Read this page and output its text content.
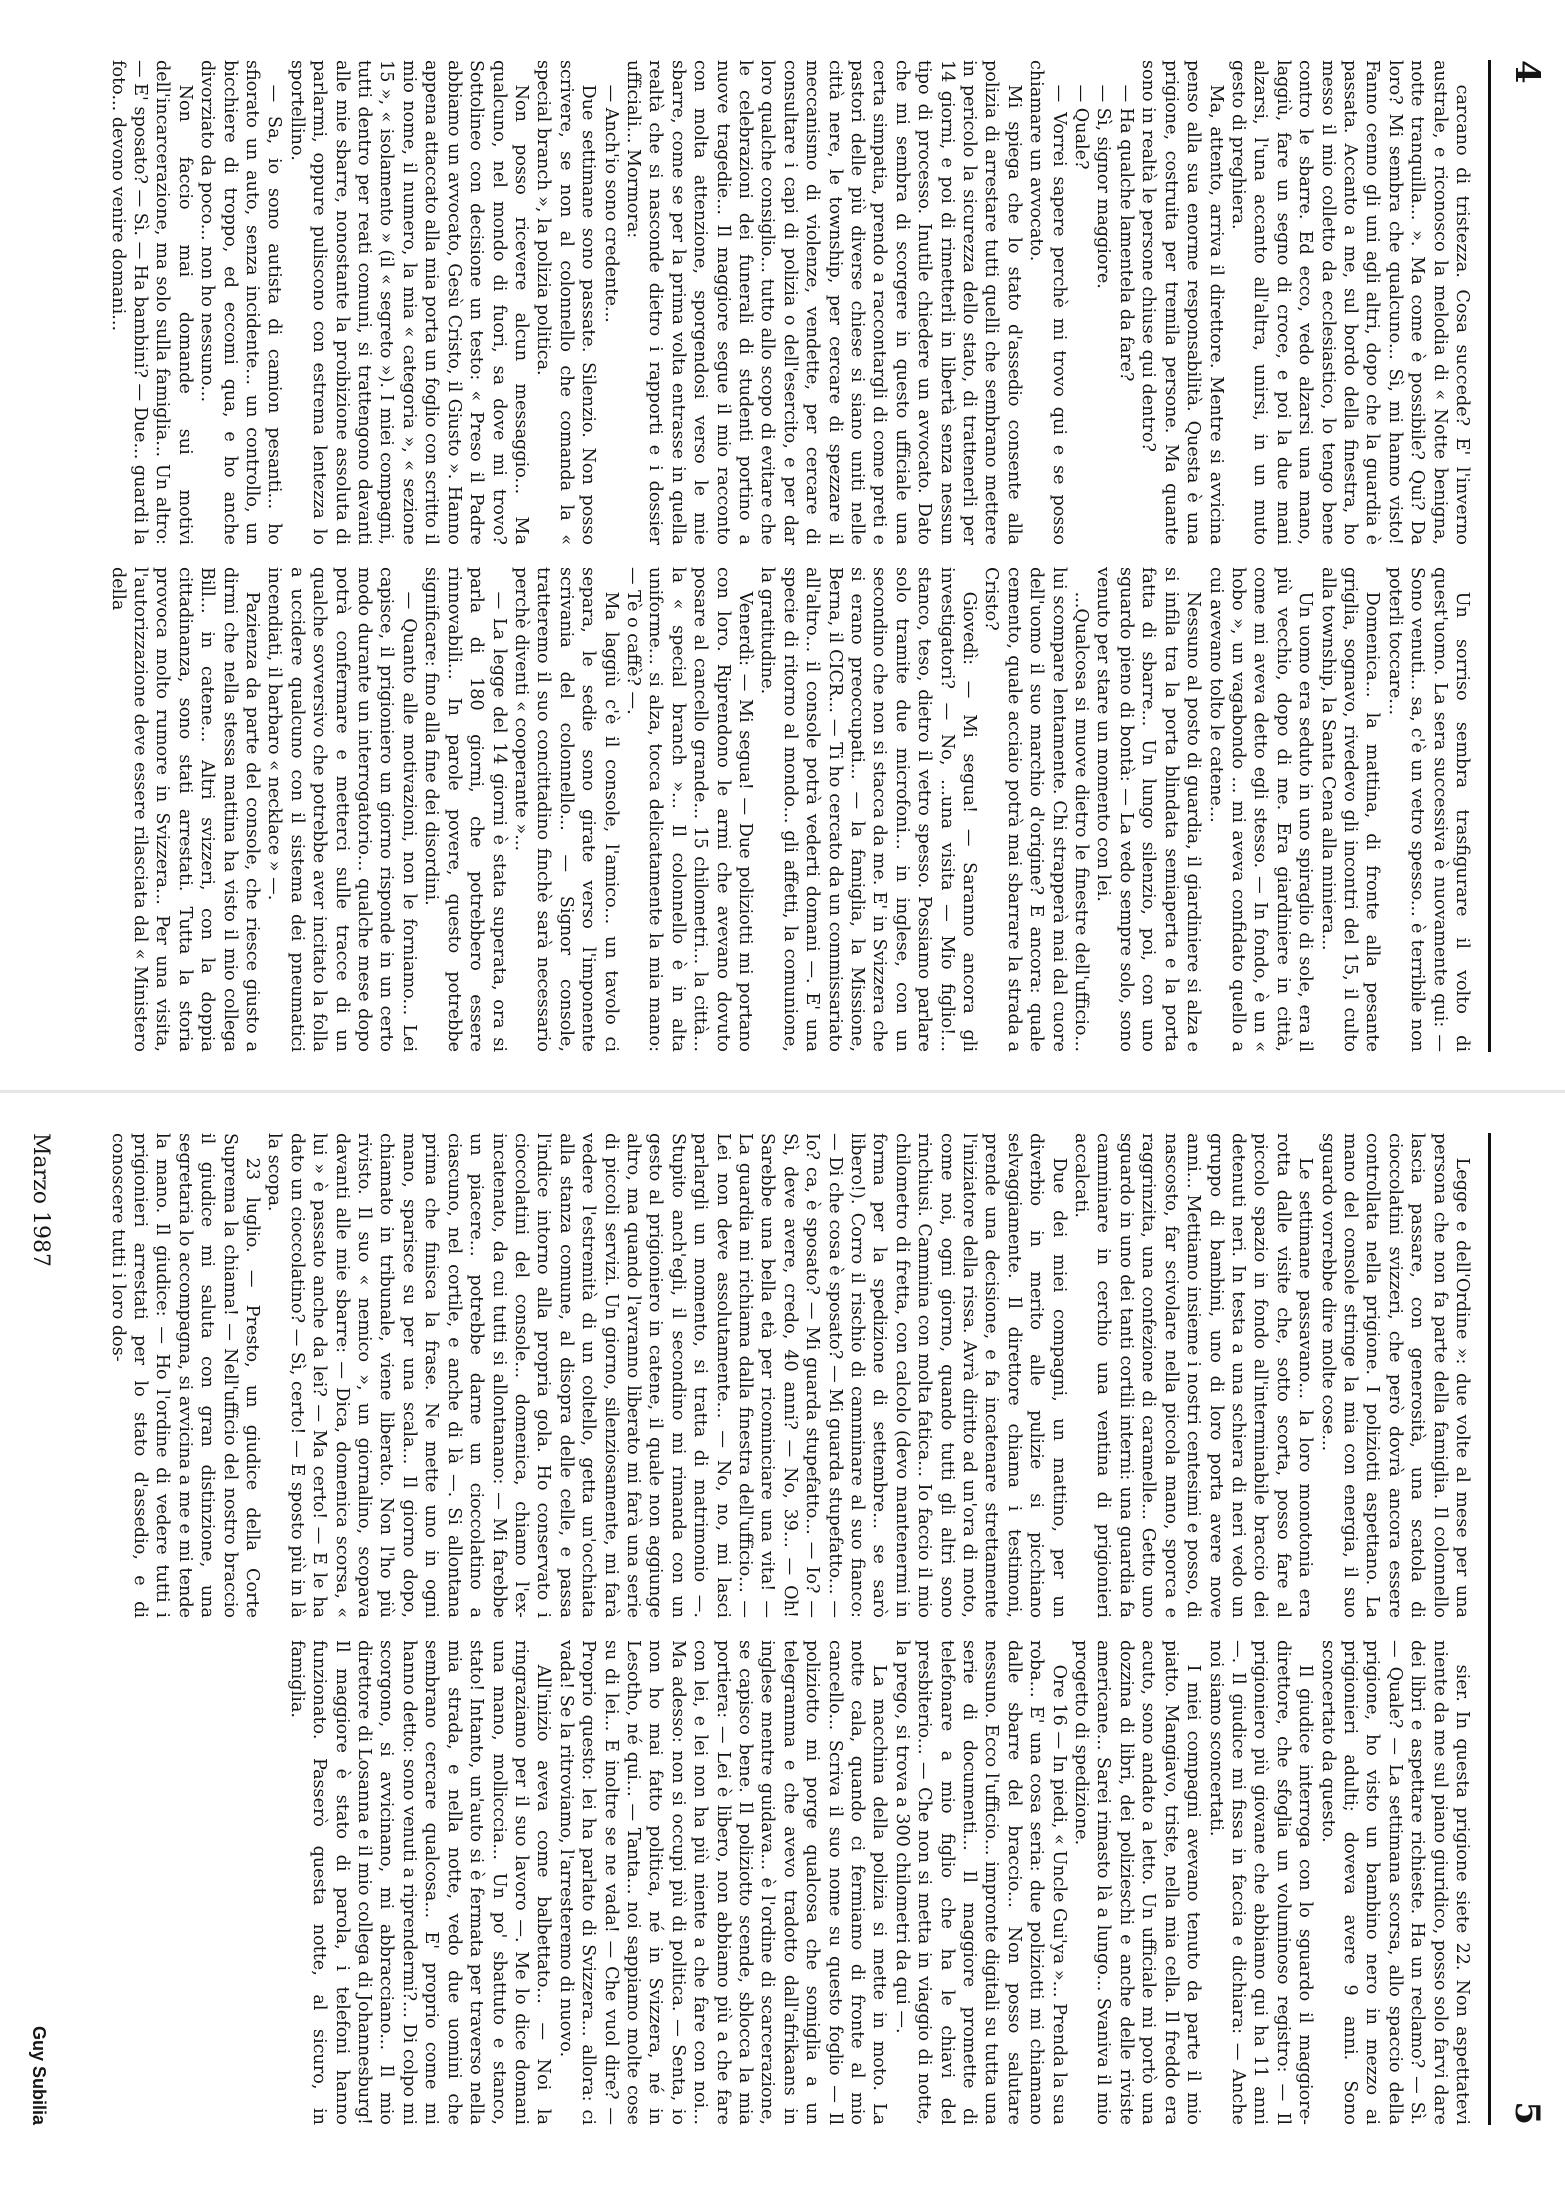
4

carcano di tristezza. Cosa succede? E' l'inverno australe, e riconosco la melodia di « Notte benigna, notte tranquilla... ». Ma come è possibile? Qui? Da loro? Mi sembra che qualcuno... Sì, mi hanno visto! Fanno cenno gli uni agli altri, dopo che la guardia è passata. Accanto a me, sul bordo della finestra, ho messo il mio colletto da ecclesiastico, lo tengo bene contro le sbarre. Ed ecco, vedo alzarsi una mano, laggiù, fare un segno di croce, e poi la due mani alzarsi, l'una accanto all'altra, unirsi, in un muto gesto di preghiera.

Ma, attento, arriva il direttore. Mentre si avvicina penso alla sua enorme responsabilità. Questa è una prigione, costruita per tremila persone. Ma quante sono in realtà le persone chiuse qui dentro?

— Ha qualche lamentela da fare?

— Sì, signor maggiore.

— Quale?

— Vorrei sapere perchè mi trovo qui e se posso chiamare un avvocato.

Mi spiega che lo stato d'assedio consente alla polizia di arrestare tutti quelli che sembrano mettere in pericolo la sicurezza dello stato, di trattenerli per 14 giorni, e poi di rimetterli in libertà senza nessun tipo di processo. Inutile chiedere un avvocato. Dato che mi sembra di scorgere in questo ufficiale una certa simpatia, prendo a raccontargli di come preti e pastori delle più diverse chiese si siano uniti nelle città nere, le township, per cercare di spezzare il meccanismo di violenze, vendette, per cercare di consultare i capi di polizia o dell'esercito, e per dar loro qualche consiglio... tutto allo scopo di evitare che le celebrazioni dei funerali di studenti portino a nuove tragedie... Il maggiore segue il mio racconto con molta attenzione, sporgendosi verso le mie sbarre, come se per la prima volta entrasse in quella realtà che si nasconde dietro i rapporti e i dossier ufficiali... Mormora:

— Anch'io sono credente...

Due settimane sono passate. Silenzio. Non posso scrivere, se non al colonnello che comanda la « special branch », la polizia politica.

Non posso ricevere alcun messaggio... Ma qualcuno, nel mondo di fuori, sa dove mi trovo? Sottolineo con decisione un testo: « Preso il Padre abbiamo un avvocato, Gesù Cristo, il Giusto ». Hanno appena attaccato alla mia porta un foglio con scritto il mio nome, il numero, la mia « categoria », « sezione 15 », « isolamento » (il « segreto »). I miei compagni, tutti dentro per reati comuni, si trattengono davanti alle mie sbarre, nonostante la proibizione assoluta di parlarmi, oppure puliscono con estrema lentezza lo sportellino.

— Sa, io sono autista di camion pesanti... ho sfiorato un auto, senza incidente... un controllo, un bicchiere di troppo, ed eccomi qua, e ho anche divorziato da poco... non ho nessuno...

Non faccio mai domande sui motivi dell'incarcerazione, ma solo sulla famiglia... Un altro: — E' sposato? — Sì. — Ha bambini? — Due... guardi la foto... devono venire domani...

Un sorriso sembra trasfigurare il volto di quest'uomo. La sera successiva è nuovamente qui: — Sono venuti... sa, c'è un vetro spesso... è terribile non poterli toccare...

Domenica... la mattina, di fronte alla pesante griglia, sognavo, rivedevo gli incontri del 15, il culto alla township, la Santa Cena alla miniera...

Un uomo era seduto in uno spiraglio di sole, era il più vecchio, dopo di me. Era giardiniere in città, come mi aveva detto egli stesso. — In fondo, è un « hobo », un vagabondo ... mi aveva confidato quello a cui avevano tolto le catene...

Nessuno al posto di guardia, il giardiniere si alza e si infila tra la porta blindata semiaperta e la porta fatta di sbarre... Un lungo silenzio, poi, con uno sguardo pieno di bontà: — La vedo sempre solo, sono venuto per stare un momento con lei.

...Qualcosa si muove dietro le finestre dell'ufficio... lui scompare lentamente. Chi strapperà mai dal cuore dell'uomo il suo marchio d'origine? E ancora: quale cemento, quale acciaio potrà mai sbarrare la strada a Cristo?

Giovedì: — Mi segua! — Saranno ancora gli investigatori? — No, ...una visita — Mio figlio!... stanco, teso, dietro il vetro spesso. Possiamo parlare solo tramite due microfoni... in inglese, con un secondino che non si stacca da me. E' in Svizzera che si erano preoccupati... — la famiglia, la Missione, Berna, il CICR... — Ti ho cercato da un commissariato all'altro... il console potrà vederti domani —. E' una specie di ritorno al mondo... gli affetti, la comunione, la gratitudine.

Venerdì: — Mi segua! — Due poliziotti mi portano con loro. Riprendono le armi che avevano dovuto posare al cancello grande... 15 chilometri... la città... la « special branch »... Il colonnello è in alta uniforme... si alza, tocca delicatamente la mia mano: — Tè o caffè? —.

Ma laggiù c'è il console, l'amico... un tavolo ci separa, le sedie sono girate verso l'imponente scrivania del colonnello... — Signor console, tratteremo il suo concittadino finchè sarà necessario perchè diventi « cooperante »...

— La legge del 14 giorni è stata superata, ora si parla di 180 giorni, che potrebbero essere rinnovabili... In parole povere, questo potrebbe significare: fino alla fine dei disordini.

— Quanto alle motivazioni, non le forniamo... Lei capisce, il prigioniero un giorno risponde in un certo modo durante un interrogatorio... qualche mese dopo potrà confermare e metterci sulle tracce di un qualche sovversivo che potrebbe aver incitato la folla a uccidere qualcuno con il sistema dei pneumatici incendiati, il barbaro « necklace » —.

Pazienza da parte del console, che riesce giusto a dirmi che nella stessa mattina ha visto il mio collega Bill... in catene... Altri svizzeri, con la doppia cittadinanza, sono stati arrestati. Tutta la storia provoca molto rumore in Svizzera... Per una visita, l'autorizzazione deve essere rilasciata dal « Ministero della

5

Legge e dell'Ordine »: due volte al mese per una persona che non fa parte della famiglia. Il colonnello lascia passare, con generosità, una scatola di cioccolatini svizzeri, che però dovrà ancora essere controllata nella prigione. I poliziotti aspettano. La mano del console stringe la mia con energia, il suo sguardo vorrebbe dire molte cose...

Le settimane passavano... la loro monotonia era rotta dalle visite che, sotto scorta, posso fare al piccolo spazio in fondo all'interminabile braccio dei detenuti neri. In testa a una schiera di neri vedo un gruppo di bambini, uno di loro porta avere nove anni... Mettiamo insieme i nostri centesimi e posso, di nascosto, far scivolare nella piccola mano, sporca e raggrinzita, una confezione di caramelle... Getto uno sguardo in uno dei tanti cortili interni: una guardia fa camminare in cerchio una ventina di prigionieri accalcati.

Due dei miei compagni, un mattino, per un diverbio in merito alle pulizie si picchiano selvaggiamente. Il direttore chiama i testimoni, prende una decisione, e fa incatenare strettamente l'iniziatore della rissa. Avrà diritto ad un'ora di moto, come noi, ogni giorno, quando tutti gli altri sono rinchiusi. Cammina con molta fatica... Io faccio il mio chilometro di fretta, con calcolo (devo mantenermi in forma per la spedizione di settembre... se sarò libero!). Corro il rischio di camminare al suo fianco: — Di che cosa è sposato? — Mi guarda stupefatto... — Io? ca, è sposato? — Mi guarda stupefatto... — Io? — Sì, deve avere, credo, 40 anni? — No, 39... — Oh! Sarebbe una bella età per ricominciare una vita! — La guardia mi richiama dalla finestra dell'ufficio... — Lei non deve assolutamente... — No, no, mi lasci parlargli un momento, si tratta di matrimonio —. Stupito anch'egli, il secondino mi rimanda con un gesto al prigioniero in catene, il quale non aggiunge altro, ma quando l'avranno liberato mi farà una serie di piccoli servizi. Un giorno, silenziosamente, mi farà vedere l'estremità di un coltello, getta un'occhiata alla stanza comune, al disopra delle celle, e passa l'indice intorno alla propria gola. Ho conservato i cioccolatini del console... domenica, chiamo l'ex-incatenato, da cui tutti si allontanano: — Mi farebbe un piacere... potrebbe darne un cioccolatino a ciascuno, nel cortile, e anche di là —. Si allontana prima che finisca la frase. Ne mette uno in ogni mano, sparisce su per una scala... Il giorno dopo, chiamato in tribunale, viene liberato. Non l'ho più rivisto. Il suo « nemico », un giornalino, scopava davanti alle mie sbarre: — Dica, domenica scorsa, « lui » è passato anche da lei? — Ma certo! — E le ha dato un cioccolatino? — Sì, certo! — E sposto più in là la scopa.

23 luglio. — Presto, un giudice della Corte Suprema la chiama! — Nell'ufficio del nostro braccio il giudice mi saluta con gran distinzione, una segretaria lo accompagna, si avvicina a me e mi tende la mano. Il giudice: — Ho l'ordine di vedere tutti i prigionieri arrestati per lo stato d'assedio, e di conoscere tutti i loro dos-

sier. In questa prigione siete 22. Non aspettatevi niente da me sul piano giuridico, posso solo farvi dare dei libri e aspettare richieste. Ha un reclamo? — Sì. — Quale? — La settimana scorsa, allo spaccio della prigione, ho visto un bambino nero in mezzo ai prigionieri adulti; doveva avere 9 anni. Sono sconcertato da questo.

Il giudice interroga con lo sguardo il maggiore-direttore, che sfoglia un voluminoso registro: — Il prigioniero più giovane che abbiamo qui ha 11 anni —. Il giudice mi fissa in faccia e dichiara: — Anche noi siamo sconcertati.

I miei compagni avevano tenuto da parte il mio piatto. Mangiavo, triste, nella mia cella. Il freddo era acuto, sono andato a letto. Un ufficiale mi portò una dozzina di libri, dei polizieschi e anche delle riviste americane... Sarei rimasto là a lungo... Svaniva il mio progetto di spedizione.

Ore 16 — In piedi, « Uncle Gui'ya »... Prenda la sua roba... E' una cosa seria: due poliziotti mi chiamano dalle sbarre del braccio... Non posso salutare nessuno. Ecco l'ufficio... impronte digitali su tutta una serie di documenti... Il maggiore promette di telefonare a mio figlio che ha le chiavi del presbiterio... — Che non si metta in viaggio di notte, la prego, si trova a 300 chilometri da qui —.

La macchina della polizia si mette in moto. La notte cala, quando ci fermiamo di fronte al mio cancello... Scriva il suo nome su questo foglio — Il poliziotto mi porge qualcosa che somiglia a un telegramma e che avevo tradotto dall'afrikaans in inglese mentre guidava... è l'ordine di scarcerazione, se capisco bene. Il poliziotto scende, sblocca la mia portiera: — Lei è libero, non abbiamo più a che fare con lei, e lei non ha più niente a che fare con noi... Ma adesso: non si occupi più di politica. — Senta, io non ho mai fatto politica, né in Svizzera, né in Lesotho, né qui... — Tanta... noi sappiamo molte cose su di lei... E inoltre se ne vada! — Che vuol dire? — Proprio questo: lei ha parlato di Svizzera... allora: ci vada! Se la ritroviamo, l'arresteremo di nuovo.

All'inizio aveva come balbettato... — Noi la ringraziamo per il suo lavoro —. Me lo dice domani una mano, mollicccia... Un po' sbattuto e stanco, stato! Intanto, un'auto si è fermata per traverso nella mia strada, e nella notte, vedo due uomini che sembrano cercare qualcosa... E' proprio come mi hanno detto: sono venuti a riprendermi?... Di colpo mi scorgono, si avvicinano, mi abbracciano... Il mio direttore di Losanna e il mio collega di Johannesburg! Il maggiore è stato di parola, i telefoni hanno funzionato. Passerò questa notte, al sicuro, in famiglia.

Marzo 1987
Guy Subilia
